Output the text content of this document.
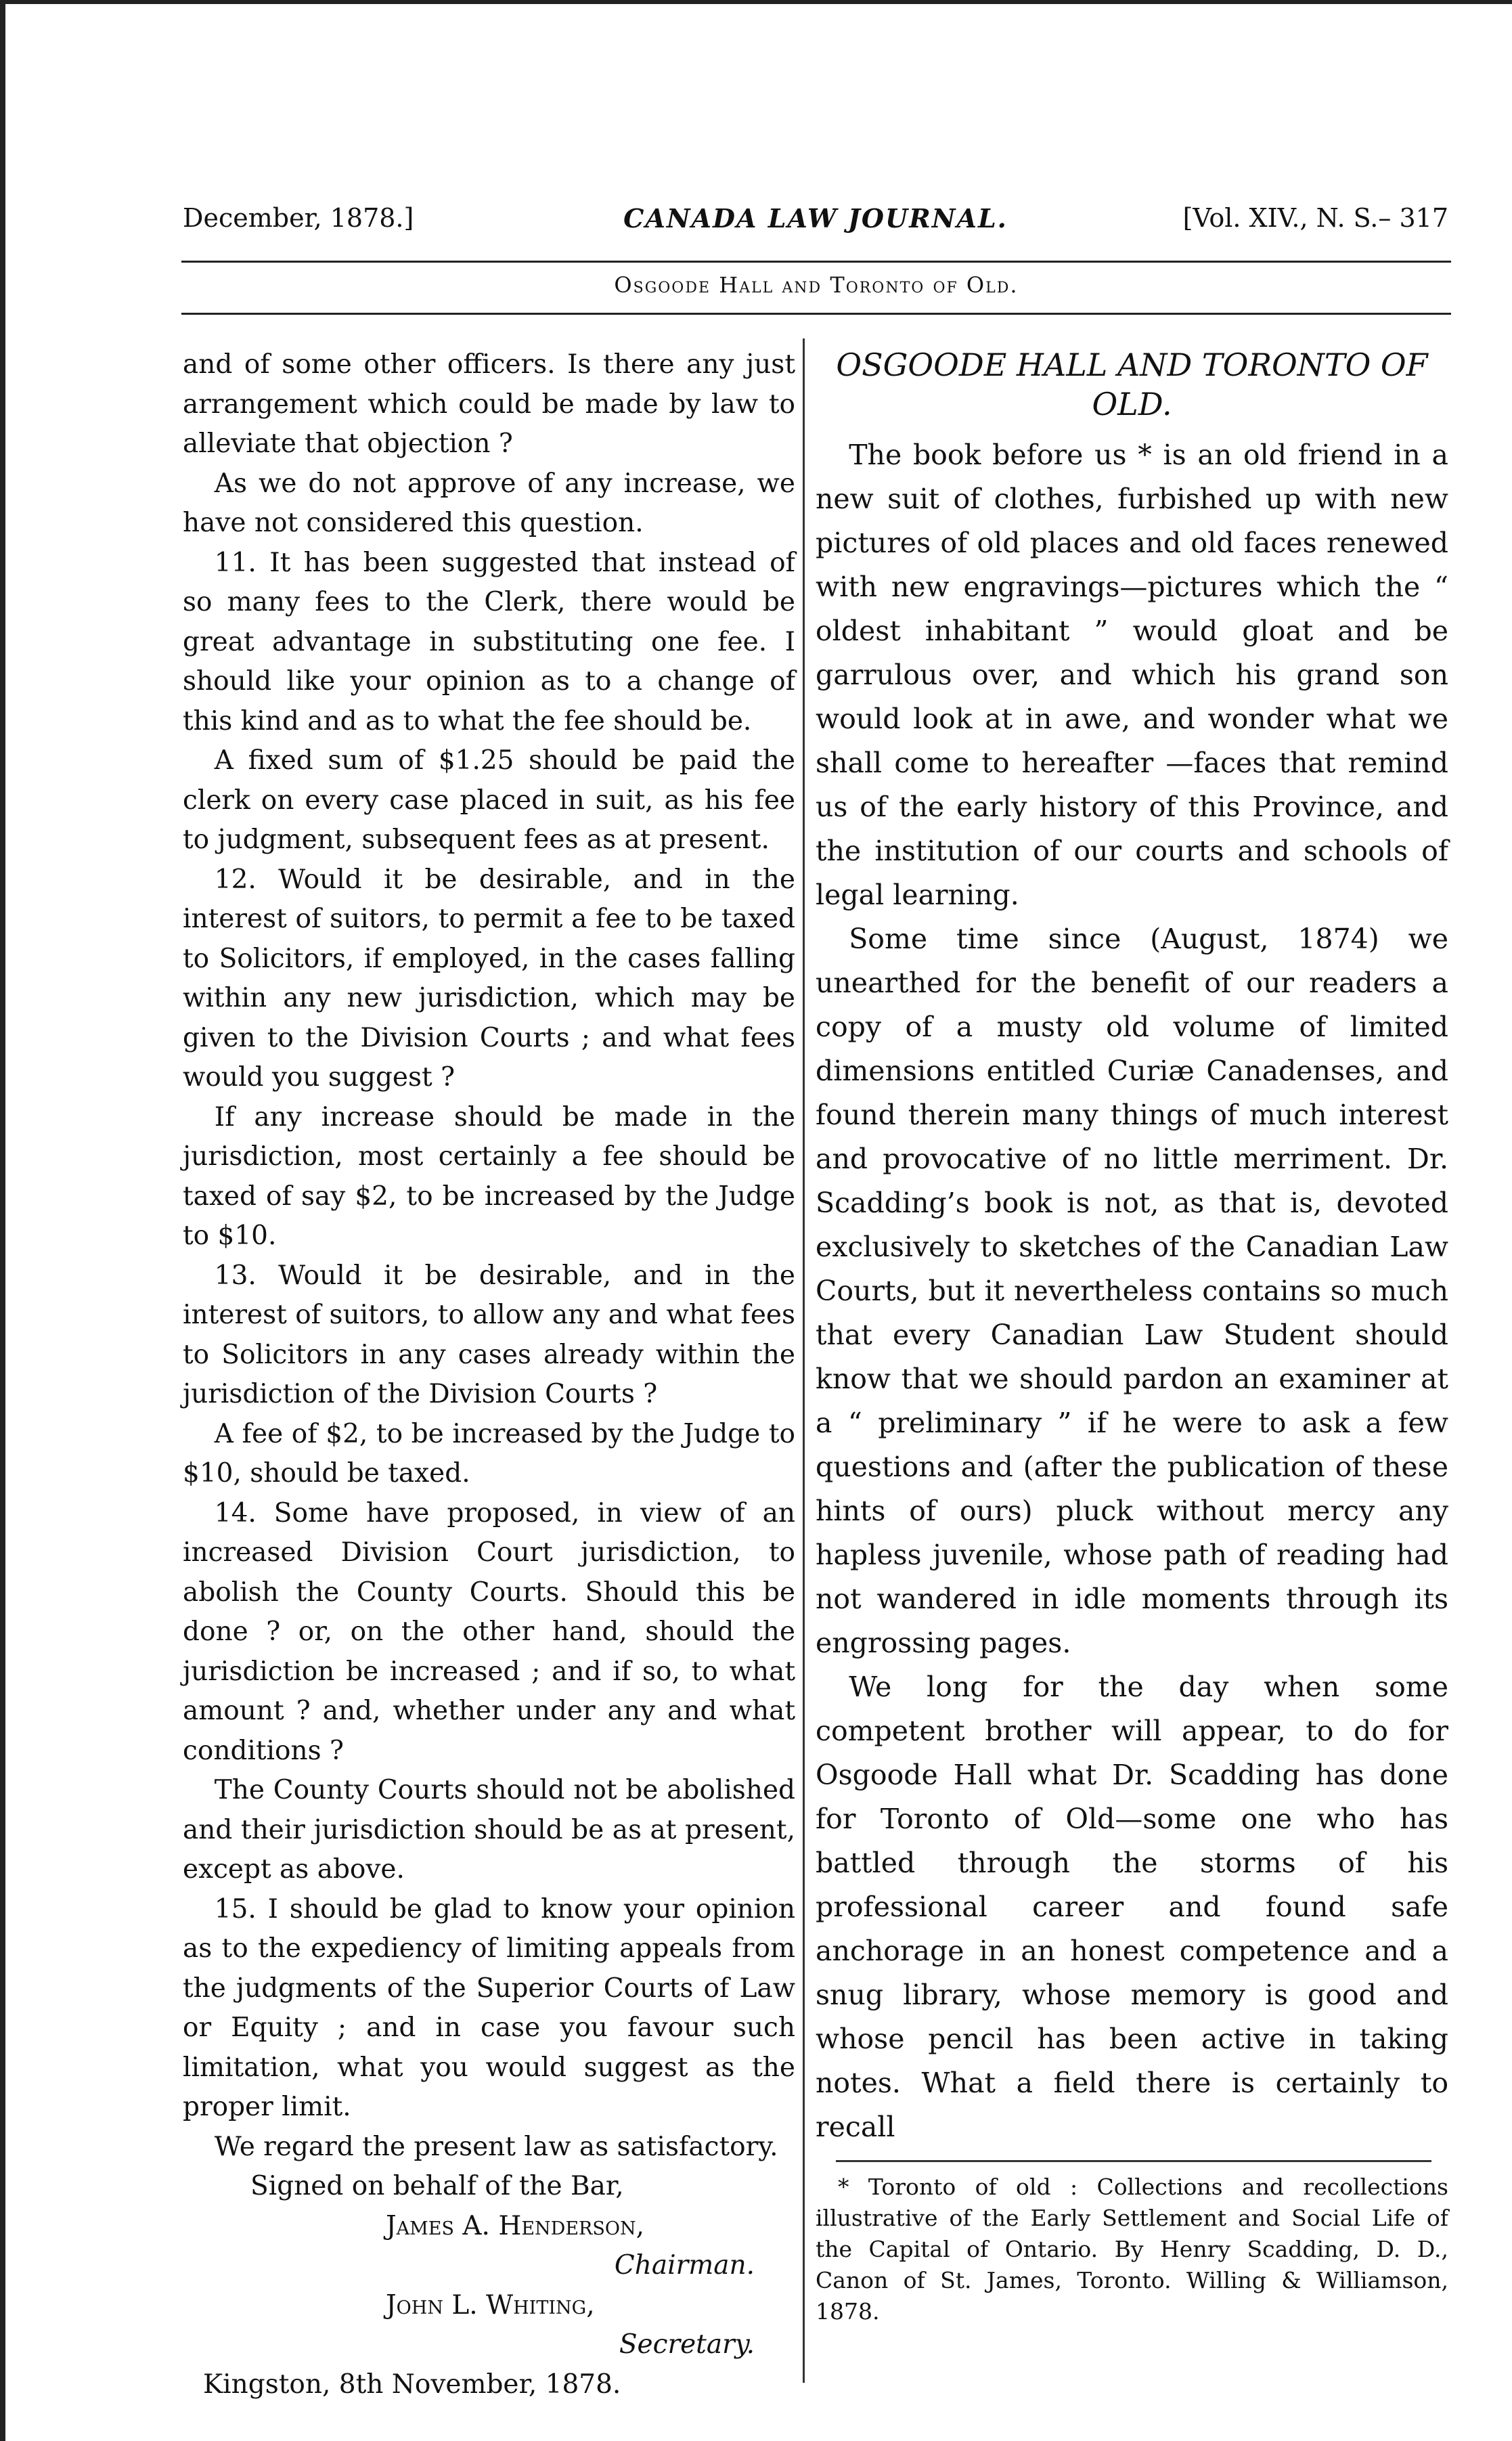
December, 1878.]	CANADA LAW JOURNAL.	[Vol. XIV., N. S.– 317
Osgoode Hall and Toronto of Old.

and of some other officers. Is there any just arrangement which could be made by law to alleviate that objection ?

As we do not approve of any increase, we have not considered this question.

11. It has been suggested that instead of so many fees to the Clerk, there would be great advantage in substituting one fee. I should like your opinion as to a change of this kind and as to what the fee should be.

A fixed sum of $1.25 should be paid the clerk on every case placed in suit, as his fee to judgment, subsequent fees as at present.

12. Would it be desirable, and in the interest of suitors, to permit a fee to be taxed to Solicitors, if employed, in the cases falling within any new jurisdiction, which may be given to the Division Courts ; and what fees would you suggest ?

If any increase should be made in the jurisdiction, most certainly a fee should be taxed of say $2, to be increased by the Judge to $10.

13. Would it be desirable, and in the interest of suitors, to allow any and what fees to Solicitors in any cases already within the jurisdiction of the Division Courts ?

A fee of $2, to be increased by the Judge to $10, should be taxed.

14. Some have proposed, in view of an increased Division Court jurisdiction, to abolish the County Courts. Should this be done ? or, on the other hand, should the jurisdiction be increased ; and if so, to what amount ? and, whether under any and what conditions ?

The County Courts should not be abolished and their jurisdiction should be as at present, except as above.

15. I should be glad to know your opinion as to the expediency of limiting appeals from the judgments of the Superior Courts of Law or Equity ; and in case you favour such limitation, what you would suggest as the proper limit.

We regard the present law as satisfactory.

Signed on behalf of the Bar,

James A. Henderson,

Chairman.

John L. Whiting,

Secretary.

Kingston, 8th November, 1878.

OSGOODE HALL AND TORONTO OF OLD.

The book before us * is an old friend in a new suit of clothes, furbished up with new pictures of old places and old faces renewed with new engravings—pictures which the “ oldest inhabitant ” would gloat and be garrulous over, and which his grand son would look at in awe, and wonder what we shall come to hereafter —faces that remind us of the early history of this Province, and the institution of our courts and schools of legal learning.

Some time since (August, 1874) we unearthed for the benefit of our readers a copy of a musty old volume of limited dimensions entitled Curiæ Canadenses, and found therein many things of much interest and provocative of no little merriment. Dr. Scadding’s book is not, as that is, devoted exclusively to sketches of the Canadian Law Courts, but it nevertheless contains so much that every Canadian Law Student should know that we should pardon an examiner at a “ preliminary ” if he were to ask a few questions and (after the publication of these hints of ours) pluck without mercy any hapless juvenile, whose path of reading had not wandered in idle moments through its engrossing pages.

We long for the day when some competent brother will appear, to do for Osgoode Hall what Dr. Scadding has done for Toronto of Old—some one who has battled through the storms of his professional career and found safe anchorage in an honest competence and a snug library, whose memory is good and whose pencil has been active in taking notes. What a field there is certainly to recall

* Toronto of old : Collections and recollections illustrative of the Early Settlement and Social Life of the Capital of Ontario. By Henry Scadding, D. D., Canon of St. James, Toronto. Willing & Williamson, 1878.
